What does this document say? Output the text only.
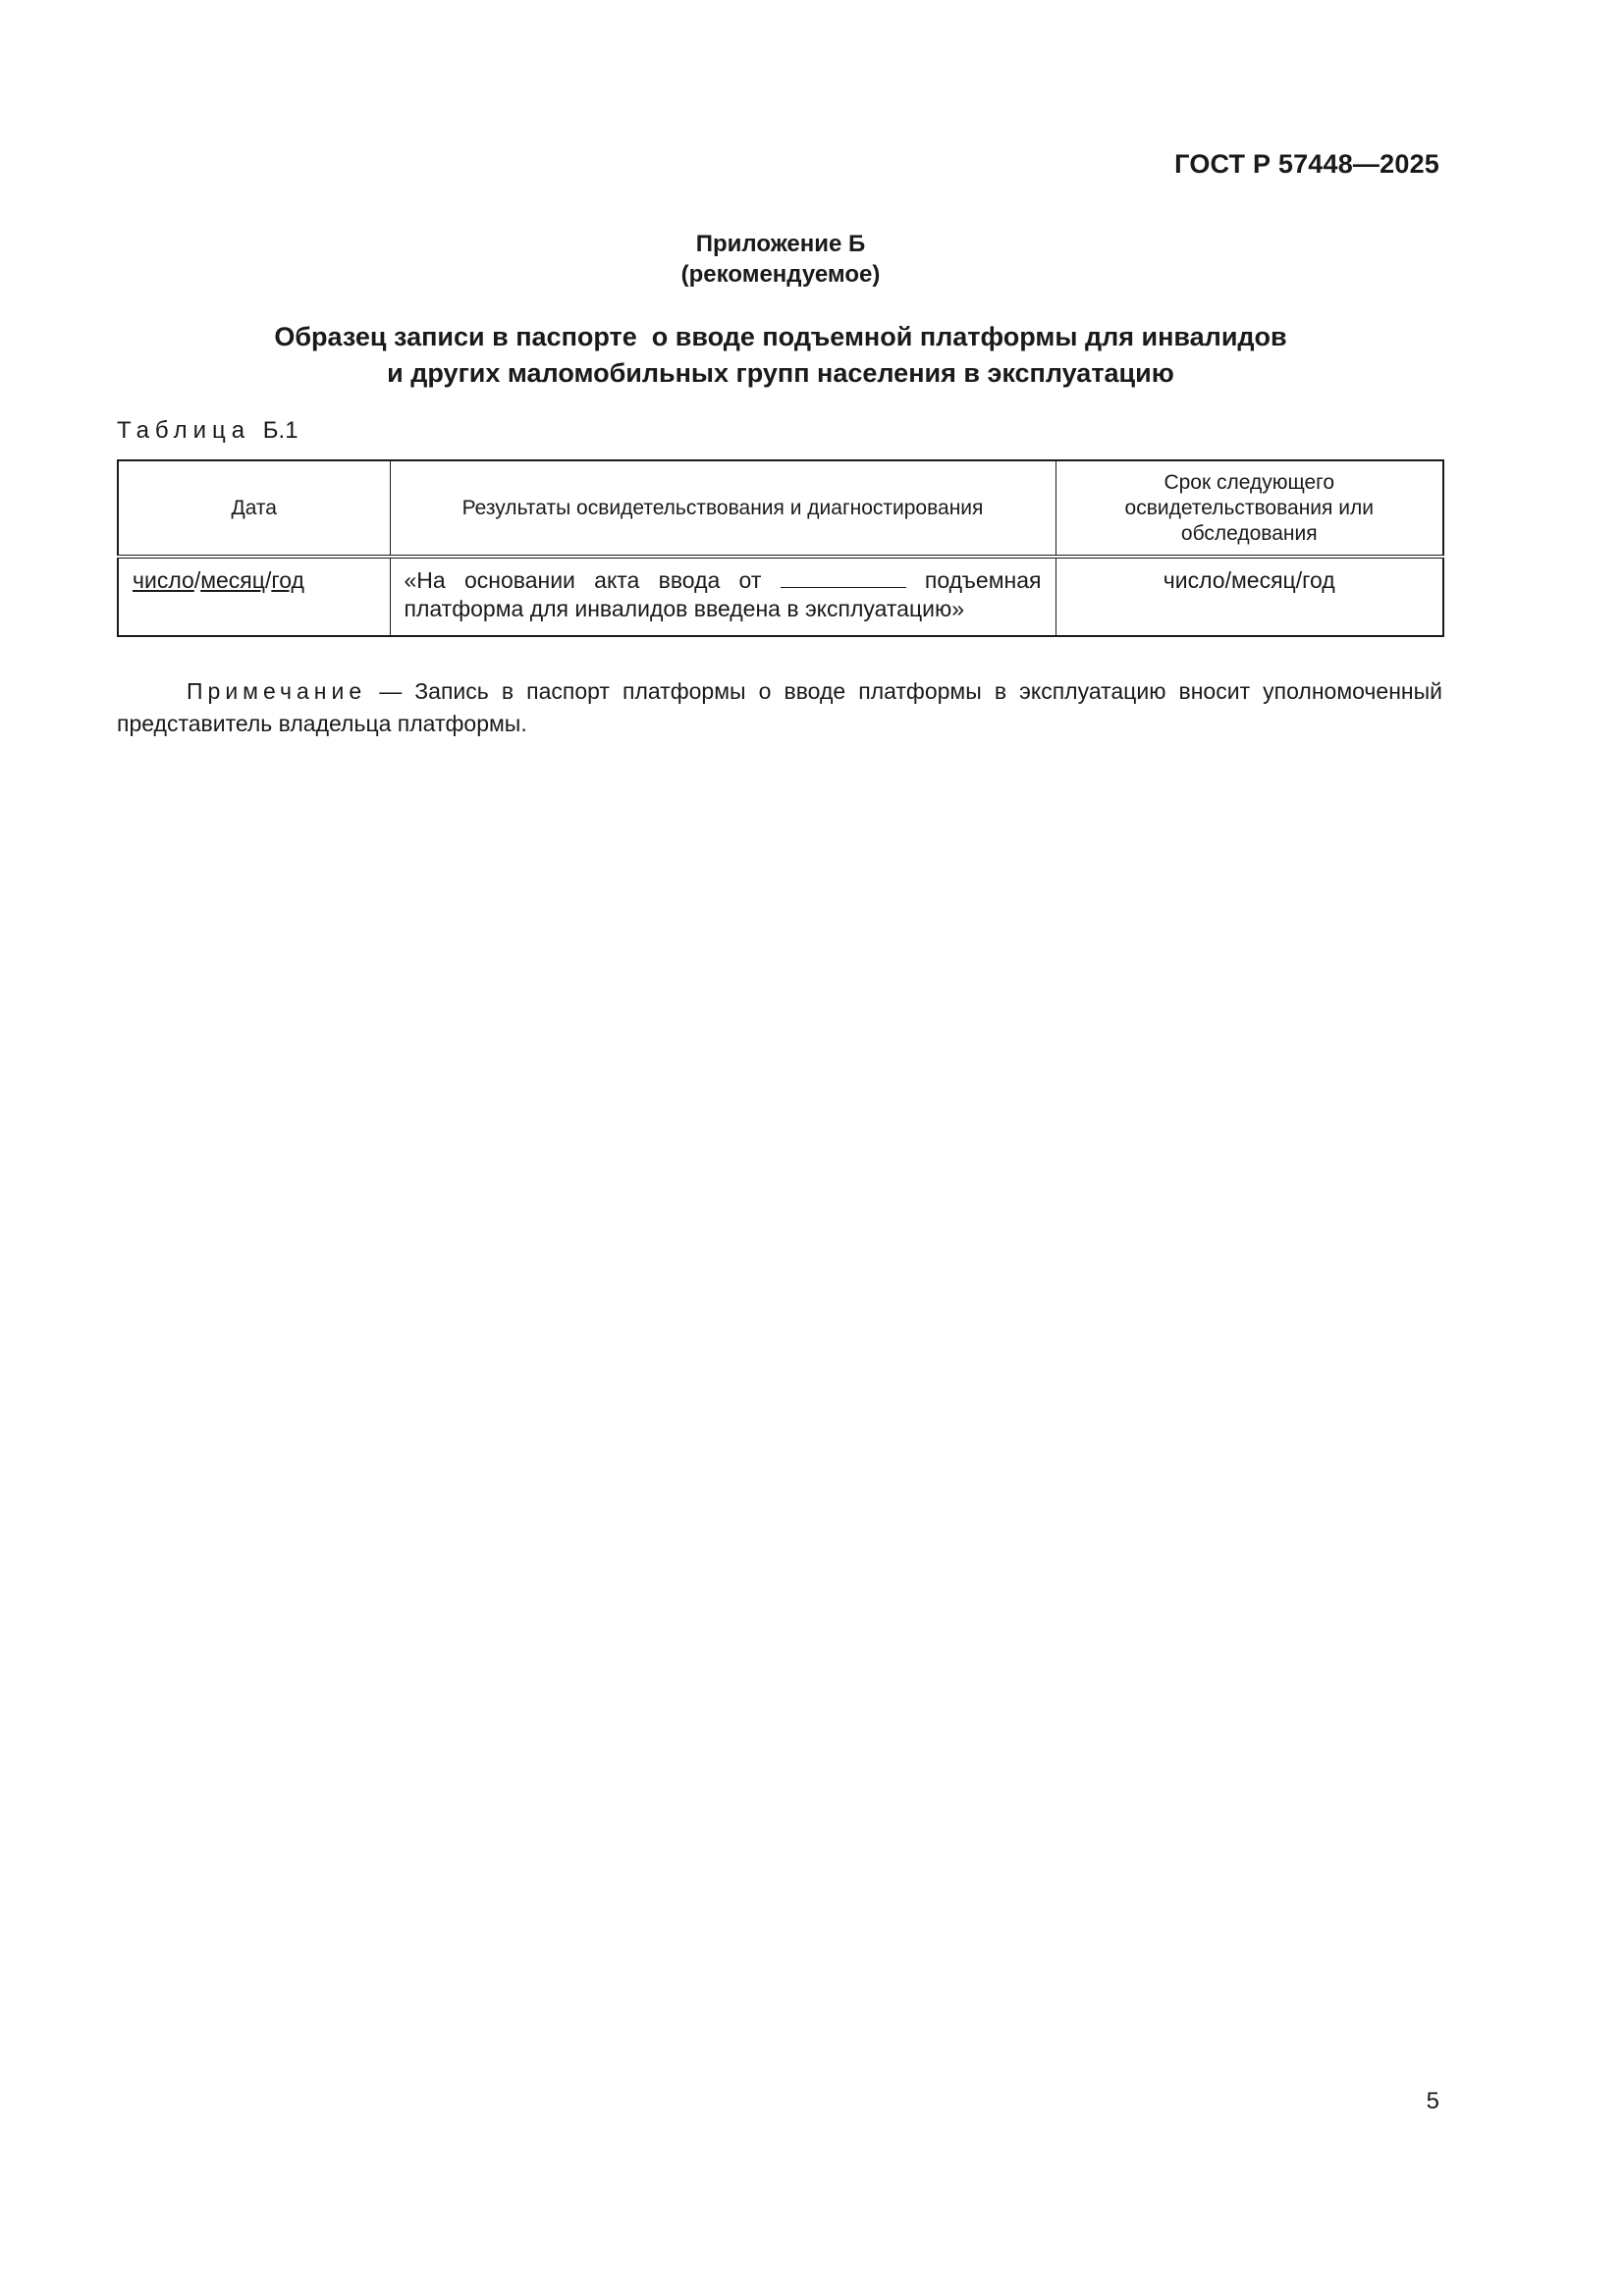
ГОСТ Р 57448—2025
Приложение Б
(рекомендуемое)
Образец записи в паспорте  о вводе подъемной платформы для инвалидов
и других маломобильных групп населения в эксплуатацию
Таблица Б.1
Дата	Результаты освидетельствования и диагностирования	Срок следующего освидетельствования или обследования
число/месяц/год	«На основании акта ввода от подъемная платформа для инвалидов введена в эксплуатацию»	число/месяц/год
Примечание — Запись в паспорт платформы о вводе платформы в эксплуатацию вносит уполномоченный представитель владельца платформы.
5
